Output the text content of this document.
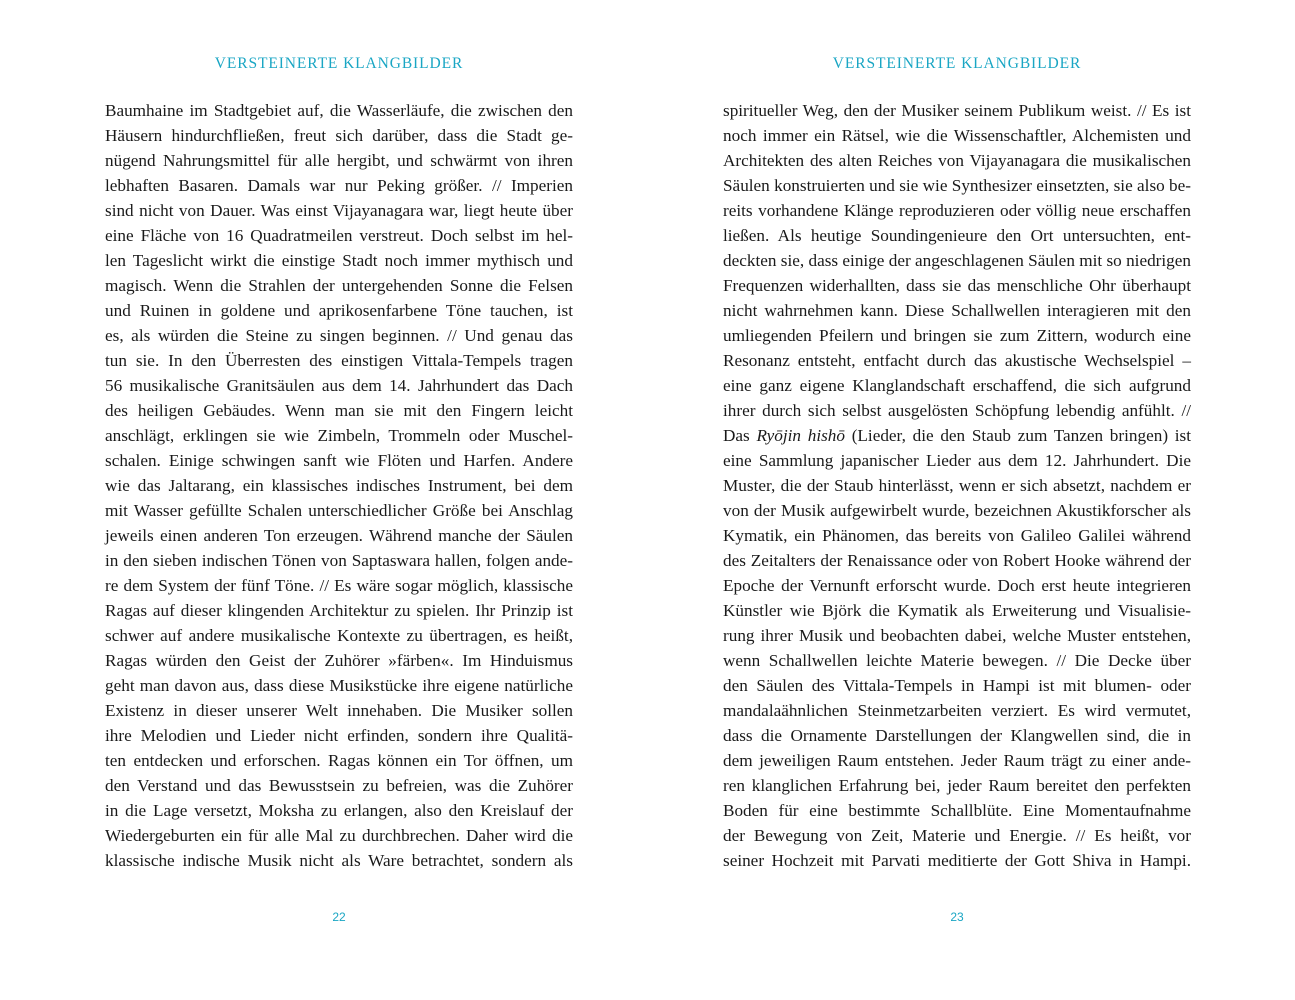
VERSTEINERTE KLANGBILDER
Baumhaine im Stadtgebiet auf, die Wasserläufe, die zwischen den
Häusern hindurchfließen, freut sich darüber, dass die Stadt ge-
nügend Nahrungsmittel für alle hergibt, und schwärmt von ihren
lebhaften Basaren. Damals war nur Peking größer. // Imperien
sind nicht von Dauer. Was einst Vijayanagara war, liegt heute über
eine Fläche von 16 Quadratmeilen verstreut. Doch selbst im hel-
len Tageslicht wirkt die einstige Stadt noch immer mythisch und
magisch. Wenn die Strahlen der untergehenden Sonne die Felsen
und Ruinen in goldene und aprikosenfarbene Töne tauchen, ist
es, als würden die Steine zu singen beginnen. // Und genau das
tun sie. In den Überresten des einstigen Vittala-Tempels tragen
56 musikalische Granitsäulen aus dem 14. Jahrhundert das Dach
des heiligen Gebäudes. Wenn man sie mit den Fingern leicht
anschlägt, erklingen sie wie Zimbeln, Trommeln oder Muschel-
schalen. Einige schwingen sanft wie Flöten und Harfen. Andere
wie das Jaltarang, ein klassisches indisches Instrument, bei dem
mit Wasser gefüllte Schalen unterschiedlicher Größe bei Anschlag
jeweils einen anderen Ton erzeugen. Während manche der Säulen
in den sieben indischen Tönen von Saptaswara hallen, folgen ande-
re dem System der fünf Töne. // Es wäre sogar möglich, klassische
Ragas auf dieser klingenden Architektur zu spielen. Ihr Prinzip ist
schwer auf andere musikalische Kontexte zu übertragen, es heißt,
Ragas würden den Geist der Zuhörer »färben«. Im Hinduismus
geht man davon aus, dass diese Musikstücke ihre eigene natürliche
Existenz in dieser unserer Welt innehaben. Die Musiker sollen
ihre Melodien und Lieder nicht erfinden, sondern ihre Qualitä-
ten entdecken und erforschen. Ragas können ein Tor öffnen, um
den Verstand und das Bewusstsein zu befreien, was die Zuhörer
in die Lage versetzt, Moksha zu erlangen, also den Kreislauf der
Wiedergeburten ein für alle Mal zu durchbrechen. Daher wird die
klassische indische Musik nicht als Ware betrachtet, sondern als
22
VERSTEINERTE KLANGBILDER
spiritueller Weg, den der Musiker seinem Publikum weist. // Es ist
noch immer ein Rätsel, wie die Wissenschaftler, Alchemisten und
Architekten des alten Reiches von Vijayanagara die musikalischen
Säulen konstruierten und sie wie Synthesizer einsetzten, sie also be-
reits vorhandene Klänge reproduzieren oder völlig neue erschaffen
ließen. Als heutige Soundingenieure den Ort untersuchten, ent-
deckten sie, dass einige der angeschlagenen Säulen mit so niedrigen
Frequenzen widerhallten, dass sie das menschliche Ohr überhaupt
nicht wahrnehmen kann. Diese Schallwellen interagieren mit den
umliegenden Pfeilern und bringen sie zum Zittern, wodurch eine
Resonanz entsteht, entfacht durch das akustische Wechselspiel –
eine ganz eigene Klanglandschaft erschaffend, die sich aufgrund
ihrer durch sich selbst ausgelösten Schöpfung lebendig anfühlt. //
Das Ryōjin hishō (Lieder, die den Staub zum Tanzen bringen) ist
eine Sammlung japanischer Lieder aus dem 12. Jahrhundert. Die
Muster, die der Staub hinterlässt, wenn er sich absetzt, nachdem er
von der Musik aufgewirbelt wurde, bezeichnen Akustikforscher als
Kymatik, ein Phänomen, das bereits von Galileo Galilei während
des Zeitalters der Renaissance oder von Robert Hooke während der
Epoche der Vernunft erforscht wurde. Doch erst heute integrieren
Künstler wie Björk die Kymatik als Erweiterung und Visualisie-
rung ihrer Musik und beobachten dabei, welche Muster entstehen,
wenn Schallwellen leichte Materie bewegen. // Die Decke über
den Säulen des Vittala-Tempels in Hampi ist mit blumen- oder
mandalaähnlichen Steinmetzarbeiten verziert. Es wird vermutet,
dass die Ornamente Darstellungen der Klangwellen sind, die in
dem jeweiligen Raum entstehen. Jeder Raum trägt zu einer ande-
ren klanglichen Erfahrung bei, jeder Raum bereitet den perfekten
Boden für eine bestimmte Schallblüte. Eine Momentaufnahme
der Bewegung von Zeit, Materie und Energie. // Es heißt, vor
seiner Hochzeit mit Parvati meditierte der Gott Shiva in Hampi.
23
